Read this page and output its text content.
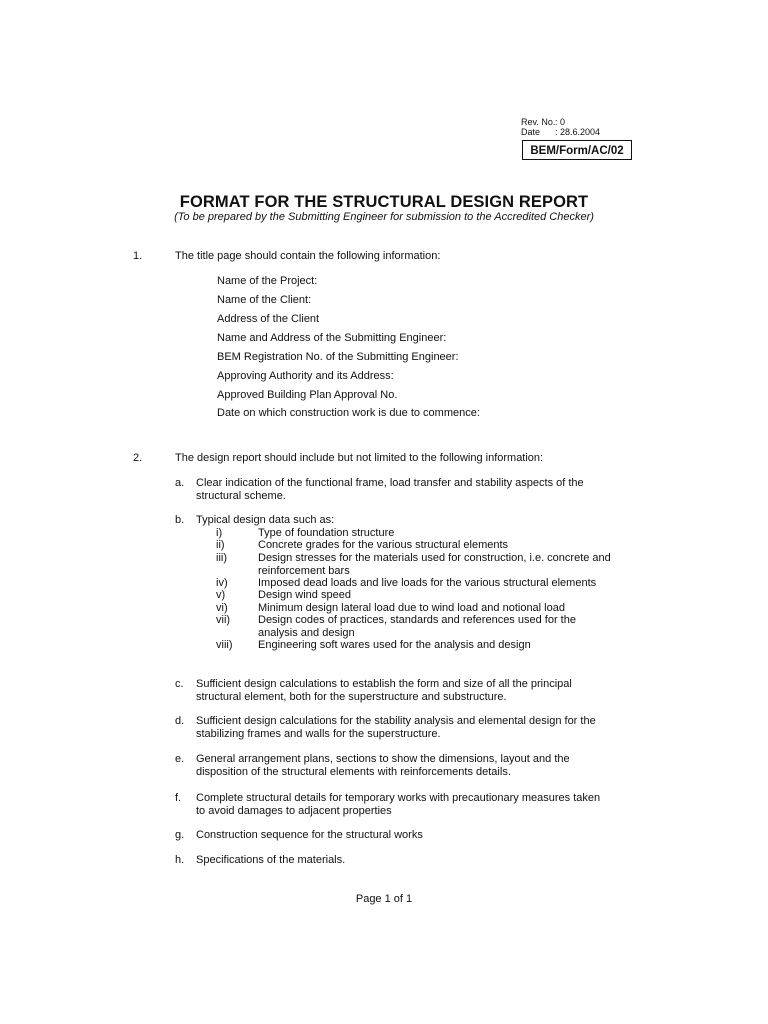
Rev. No.: 0
Date : 28.6.2004
BEM/Form/AC/02
FORMAT FOR THE STRUCTURAL DESIGN REPORT
(To be prepared by the Submitting Engineer for submission to the Accredited Checker)
1.	The title page should contain the following information:
Name of the Project:
Name of the Client:
Address of the Client
Name and Address of the Submitting Engineer:
BEM Registration No. of the Submitting Engineer:
Approving Authority and its Address:
Approved Building Plan Approval No.
Date on which construction work is due to commence:
2.	The design report should include but not limited to the following information:
a. Clear indication of the functional frame, load transfer and stability aspects of the
structural scheme.
b. Typical design data such as:
i)	Type of foundation structure
ii)	Concrete grades for the various structural elements
iii)	Design stresses for the materials used for construction, i.e. concrete and
reinforcement bars
iv)	Imposed dead loads and live loads for the various structural elements
v)	Design wind speed
vi)	Minimum design lateral load due to wind load and notional load
vii)	Design codes of practices, standards and references used for the
analysis and design
viii) Engineering soft wares used for the analysis and design
c. Sufficient design calculations to establish the form and size of all the principal
structural element, both for the superstructure and substructure.
d. Sufficient design calculations for the stability analysis and elemental design for the
stabilizing frames and walls for the superstructure.
e. General arrangement plans, sections to show the dimensions, layout and the
disposition of the structural elements with reinforcements details.
f. Complete structural details for temporary works with precautionary measures taken
to avoid damages to adjacent properties
g. Construction sequence for the structural works
h. Specifications of the materials.
Page 1 of 1
